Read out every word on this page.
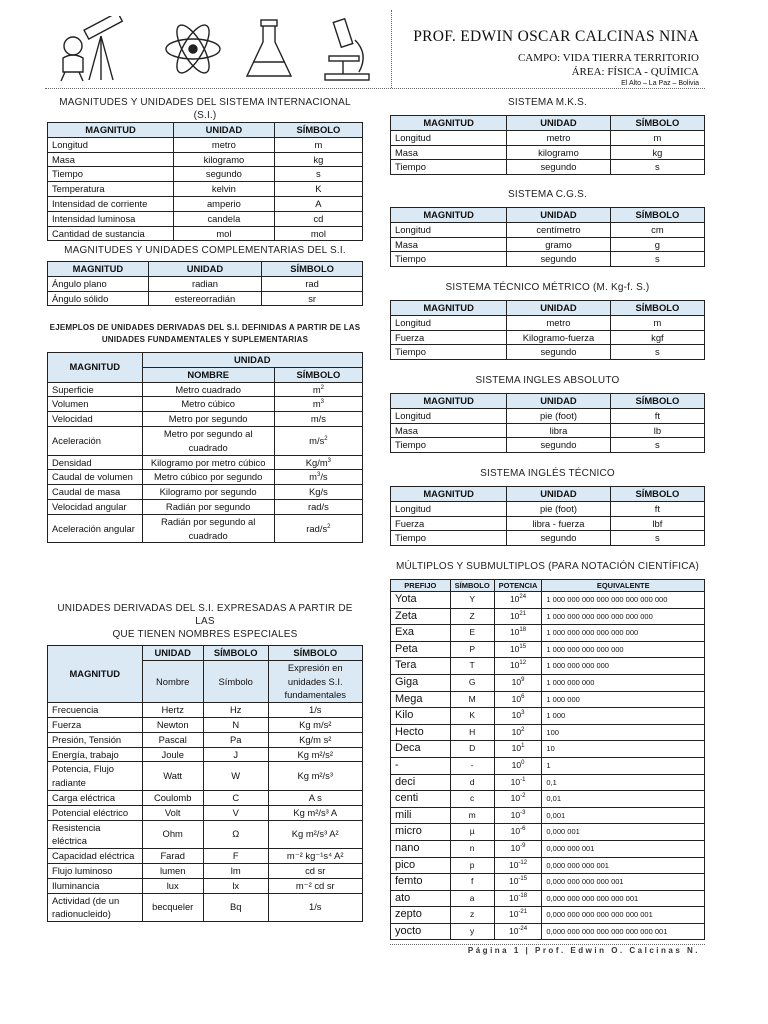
PROF. EDWIN OSCAR CALCINAS NINA
CAMPO: VIDA TIERRA TERRITORIO
ÁREA: FÍSICA - QUÍMICA
El Alto – La Paz – Bolivia
MAGNITUDES Y UNIDADES DEL SISTEMA INTERNACIONAL (S.I.)
MAGNITUD	UNIDAD	SÍMBOLO
Longitud	metro	m
Masa	kilogramo	kg
Tiempo	segundo	s
Temperatura	kelvin	K
Intensidad de corriente	amperio	A
Intensidad luminosa	candela	cd
Cantidad de sustancia	mol	mol
MAGNITUDES Y UNIDADES COMPLEMENTARIAS DEL S.I.
MAGNITUD	UNIDAD	SÍMBOLO
Ángulo plano	radian	rad
Ángulo sólido	estereorradián	sr
EJEMPLOS DE UNIDADES DERIVADAS DEL S.I. DEFINIDAS A PARTIR DE LAS
UNIDADES FUNDAMENTALES Y SUPLEMENTARIAS
MAGNITUD	UNIDAD	
	NOMBRE	SÍMBOLO
Superficie	Metro cuadrado	$m^2$
Volumen	Metro cúbico	$m^3$
Velocidad	Metro por segundo	m/s
Aceleración	Metro por segundo al cuadrado	$m/s^2$
Densidad	Kilogramo por metro cúbico	$Kg/m^3$
Caudal de volumen	Metro cúbico por segundo	$m^3/s$
Caudal de masa	Kilogramo por segundo	Kg/s
Velocidad angular	Radián por segundo	rad/s
Aceleración angular	Radián por segundo al cuadrado	rad/$s^2$
UNIDADES DERIVADAS DEL S.I. EXPRESADAS A PARTIR DE LAS
QUE TIENEN NOMBRES ESPECIALES
MAGNITUD	UNIDAD	SÍMBOLO	SÍMBOLO
	Nombre	Símbolo	Expresión en unidades S.I. fundamentales
Frecuencia	Hertz	Hz	1/s
Fuerza	Newton	N	Kg m/s²
Presión, Tensión	Pascal	Pa	Kg/m s²
Energía, trabajo	Joule	J	Kg m²/s²
Potencia, Flujo radiante	Watt	W	Kg m²/s³
Carga eléctrica	Coulomb	C	A s
Potencial eléctrico	Volt	V	Kg m²/s³ A
Resistencia eléctrica	Ohm	Ω	Kg m²/s³ A²
Capacidad eléctrica	Farad	F	m⁻² kg⁻¹s⁴ A²
Flujo luminoso	lumen	lm	cd sr
Iluminancia	lux	lx	m⁻² cd sr
Actividad (de un radionucleido)	becqueler	Bq	1/s
SISTEMA M.K.S.
MAGNITUD	UNIDAD	SÍMBOLO
Longitud	metro	m
Masa	kilogramo	kg
Tiempo	segundo	s
SISTEMA C.G.S.
MAGNITUD	UNIDAD	SÍMBOLO
Longitud	centímetro	cm
Masa	gramo	g
Tiempo	segundo	s
SISTEMA TÉCNICO MÉTRICO (M. Kg-f. S.)
MAGNITUD	UNIDAD	SÍMBOLO
Longitud	metro	m
Fuerza	Kilogramo-fuerza	kgf
Tiempo	segundo	s
SISTEMA INGLES ABSOLUTO
MAGNITUD	UNIDAD	SÍMBOLO
Longitud	pie (foot)	ft
Masa	libra	lb
Tiempo	segundo	s
SISTEMA INGLÉS TÉCNICO
MAGNITUD	UNIDAD	SÍMBOLO
Longitud	pie (foot)	ft
Fuerza	libra - fuerza	lbf
Tiempo	segundo	s
MÚLTIPLOS Y SUBMULTIPLOS (PARA NOTACIÓN CIENTÍFICA)
PREFIJO	SÍMBOLO	POTENCIA	EQUIVALENTE
Yota	Y	$10^{24}$	1 000 000 000 000 000 000 000 000
Zeta	Z	$10^{21}$	1 000 000 000 000 000 000 000
Exa	E	$10^{18}$	1 000 000 000 000 000 000
Peta	P	$10^{15}$	1 000 000 000 000 000
Tera	T	$10^{12}$	1 000 000 000 000
Giga	G	$10^9$	1 000 000 000
Mega	M	$10^6$	1 000 000
Kilo	K	$10^3$	1 000
Hecto	H	$10^2$	100
Deca	D	$10^1$	10
-	-	$10^0$	1
deci	d	$10^{-1}$	0,1
centi	c	$10^{-2}$	0,01
mili	m	$10^{-3}$	0,001
micro	µ	$10^{-6}$	0,000 001
nano	n	$10^{-9}$	0,000 000 001
pico	p	$10^{-12}$	0,000 000 000 001
femto	f	$10^{-15}$	0,000 000 000 000 001
ato	a	$10^{-18}$	0,000 000 000 000 000 001
zepto	z	$10^{-21}$	0,000 000 000 000 000 000 001
yocto	y	$10^{-24}$	0,000 000 000 000 000 000 000 001
Página 1 | Prof. Edwin O. Calcinas N.
